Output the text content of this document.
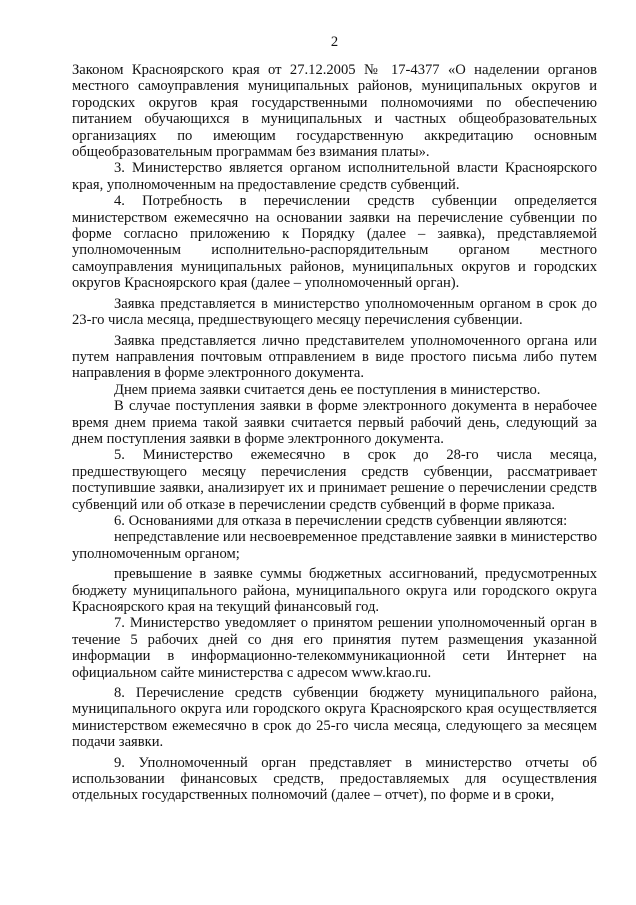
2

Законом Красноярского края от 27.12.2005 № 17-4377 «О наделении органов местного самоуправления муниципальных районов, муниципальных округов и городских округов края государственными полномочиями по обеспечению питанием обучающихся в муниципальных и частных общеобразовательных организациях по имеющим государственную аккредитацию основным общеобразовательным программам без взимания платы».

3. Министерство является органом исполнительной власти Красноярского края, уполномоченным на предоставление средств субвенций.

4. Потребность в перечислении средств субвенции определяется министерством ежемесячно на основании заявки на перечисление субвенции по форме согласно приложению к Порядку (далее – заявка), представляемой уполномоченным исполнительно-распорядительным органом местного самоуправления муниципальных районов, муниципальных округов и городских округов Красноярского края (далее – уполномоченный орган).

Заявка представляется в министерство уполномоченным органом в срок до 23-го числа месяца, предшествующего месяцу перечисления субвенции.

Заявка представляется лично представителем уполномоченного органа или путем направления почтовым отправлением в виде простого письма либо путем направления в форме электронного документа.

Днем приема заявки считается день ее поступления в министерство.

В случае поступления заявки в форме электронного документа в нерабочее время днем приема такой заявки считается первый рабочий день, следующий за днем поступления заявки в форме электронного документа.

5. Министерство ежемесячно в срок до 28-го числа месяца, предшествующего месяцу перечисления средств субвенции, рассматривает поступившие заявки, анализирует их и принимает решение о перечислении средств субвенций или об отказе в перечислении средств субвенций в форме приказа.

6. Основаниями для отказа в перечислении средств субвенции являются:

непредставление или несвоевременное представление заявки в министерство уполномоченным органом;

превышение в заявке суммы бюджетных ассигнований, предусмотренных бюджету муниципального района, муниципального округа или городского округа Красноярского края на текущий финансовый год.

7. Министерство уведомляет о принятом решении уполномоченный орган в течение 5 рабочих дней со дня его принятия путем размещения указанной информации в информационно-телекоммуникационной сети Интернет на официальном сайте министерства с адресом www.krao.ru.

8. Перечисление средств субвенции бюджету муниципального района, муниципального округа или городского округа Красноярского края осуществляется министерством ежемесячно в срок до 25-го числа месяца, следующего за месяцем подачи заявки.

9. Уполномоченный орган представляет в министерство отчеты об использовании финансовых средств, предоставляемых для осуществления отдельных государственных полномочий (далее – отчет), по форме и в сроки,
